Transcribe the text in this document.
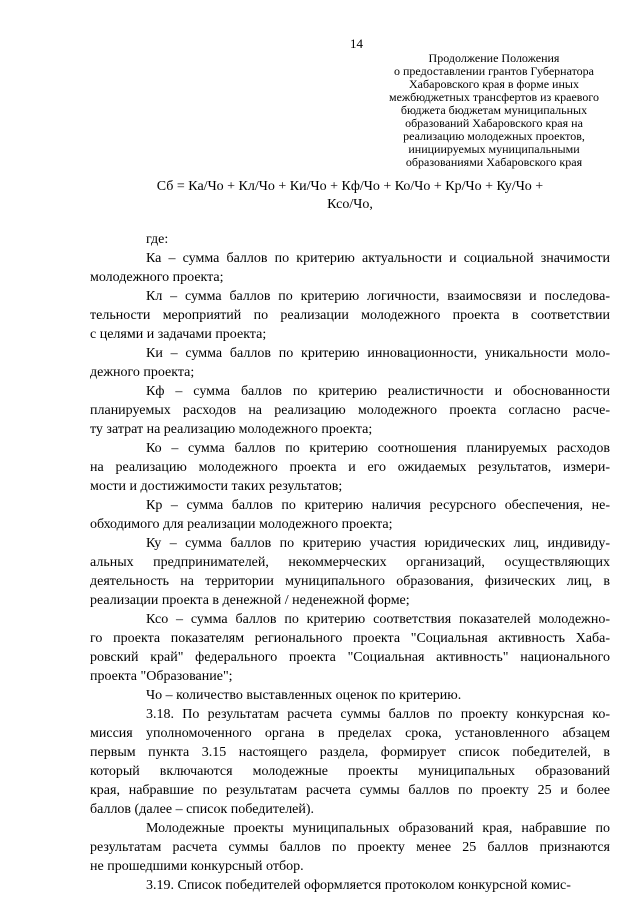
14
Продолжение Положения
о предоставлении грантов Губернатора
Хабаровского края в форме иных
межбюджетных трансфертов из краевого
бюджета бюджетам муниципальных
образований Хабаровского края на
реализацию молодежных проектов,
инициируемых муниципальными
образованиями Хабаровского края
Сб = Ка/Чо + Кл/Чо + Ки/Чо + Кф/Чо + Ко/Чо + Кр/Чо + Ку/Чо +
Ксо/Чо,
где:
Ка – сумма баллов по критерию актуальности и социальной значимости
молодежного проекта;
Кл – сумма баллов по критерию логичности, взаимосвязи и последова-
тельности мероприятий по реализации молодежного проекта в соответствии
с целями и задачами проекта;
Ки – сумма баллов по критерию инновационности, уникальности моло-
дежного проекта;
Кф – сумма баллов по критерию реалистичности и обоснованности
планируемых расходов на реализацию молодежного проекта согласно расче-
ту затрат на реализацию молодежного проекта;
Ко – сумма баллов по критерию соотношения планируемых расходов
на реализацию молодежного проекта и его ожидаемых результатов, измери-
мости и достижимости таких результатов;
Кр – сумма баллов по критерию наличия ресурсного обеспечения, не-
обходимого для реализации молодежного проекта;
Ку – сумма баллов по критерию участия юридических лиц, индивиду-
альных предпринимателей, некоммерческих организаций, осуществляющих
деятельность на территории муниципального образования, физических лиц, в
реализации проекта в денежной / неденежной форме;
Ксо – сумма баллов по критерию соответствия показателей молодежно-
го проекта показателям регионального проекта "Социальная активность Хаба-
ровский край" федерального проекта "Социальная активность" национального
проекта "Образование";
Чо – количество выставленных оценок по критерию.
3.18. По результатам расчета суммы баллов по проекту конкурсная ко-
миссия уполномоченного органа в пределах срока, установленного абзацем
первым пункта 3.15 настоящего раздела, формирует список победителей, в
который включаются молодежные проекты муниципальных образований
края, набравшие по результатам расчета суммы баллов по проекту 25 и более
баллов (далее – список победителей).
Молодежные проекты муниципальных образований края, набравшие по
результатам расчета суммы баллов по проекту менее 25 баллов признаются
не прошедшими конкурсный отбор.
3.19. Список победителей оформляется протоколом конкурсной комис-
